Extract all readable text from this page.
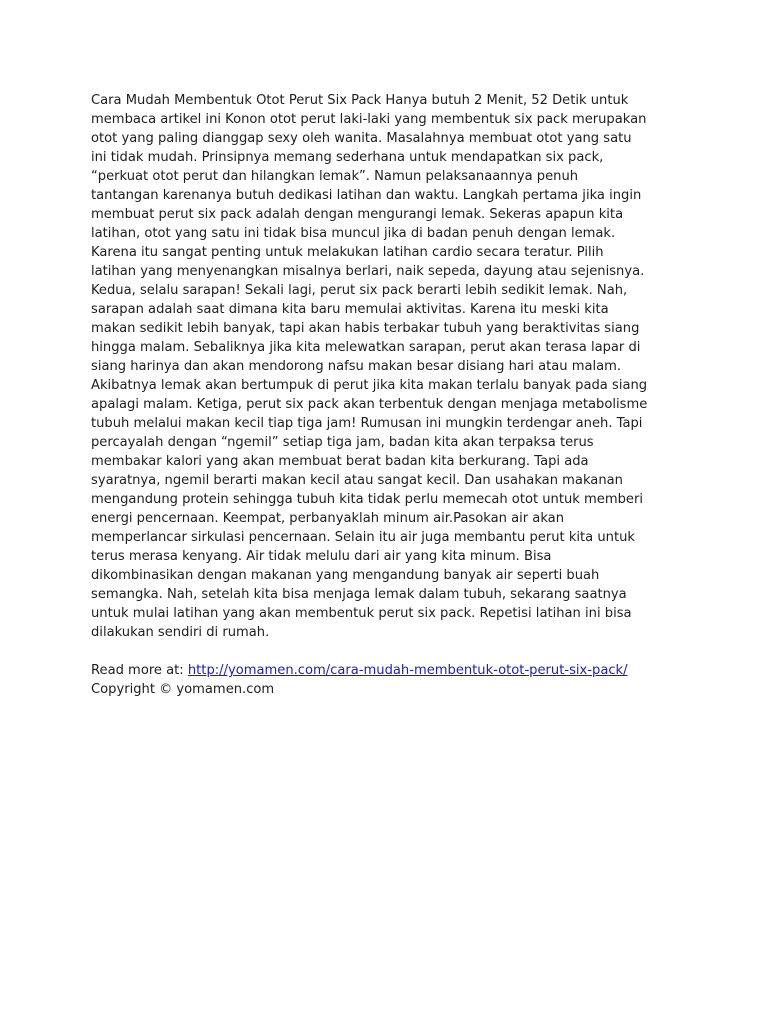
Cara Mudah Membentuk Otot Perut Six Pack Hanya butuh 2 Menit, 52 Detik untuk
membaca artikel ini Konon otot perut laki-laki yang membentuk six pack merupakan
otot yang paling dianggap sexy oleh wanita. Masalahnya membuat otot yang satu
ini tidak mudah. Prinsipnya memang sederhana untuk mendapatkan six pack,
“perkuat otot perut dan hilangkan lemak”. Namun pelaksanaannya penuh
tantangan karenanya butuh dedikasi latihan dan waktu. Langkah pertama jika ingin
membuat perut six pack adalah dengan mengurangi lemak. Sekeras apapun kita
latihan, otot yang satu ini tidak bisa muncul jika di badan penuh dengan lemak.
Karena itu sangat penting untuk melakukan latihan cardio secara teratur. Pilih
latihan yang menyenangkan misalnya berlari, naik sepeda, dayung atau sejenisnya.
Kedua, selalu sarapan! Sekali lagi, perut six pack berarti lebih sedikit lemak. Nah,
sarapan adalah saat dimana kita baru memulai aktivitas. Karena itu meski kita
makan sedikit lebih banyak, tapi akan habis terbakar tubuh yang beraktivitas siang
hingga malam. Sebaliknya jika kita melewatkan sarapan, perut akan terasa lapar di
siang harinya dan akan mendorong nafsu makan besar disiang hari atau malam.
Akibatnya lemak akan bertumpuk di perut jika kita makan terlalu banyak pada siang
apalagi malam. Ketiga, perut six pack akan terbentuk dengan menjaga metabolisme
tubuh melalui makan kecil tiap tiga jam! Rumusan ini mungkin terdengar aneh. Tapi
percayalah dengan “ngemil” setiap tiga jam, badan kita akan terpaksa terus
membakar kalori yang akan membuat berat badan kita berkurang. Tapi ada
syaratnya, ngemil berarti makan kecil atau sangat kecil. Dan usahakan makanan
mengandung protein sehingga tubuh kita tidak perlu memecah otot untuk memberi
energi pencernaan. Keempat, perbanyaklah minum air.Pasokan air akan
memperlancar sirkulasi pencernaan. Selain itu air juga membantu perut kita untuk
terus merasa kenyang. Air tidak melulu dari air yang kita minum. Bisa
dikombinasikan dengan makanan yang mengandung banyak air seperti buah
semangka. Nah, setelah kita bisa menjaga lemak dalam tubuh, sekarang saatnya
untuk mulai latihan yang akan membentuk perut six pack. Repetisi latihan ini bisa
dilakukan sendiri di rumah.
Read more at: http://yomamen.com/cara-mudah-membentuk-otot-perut-six-pack/
Copyright © yomamen.com
